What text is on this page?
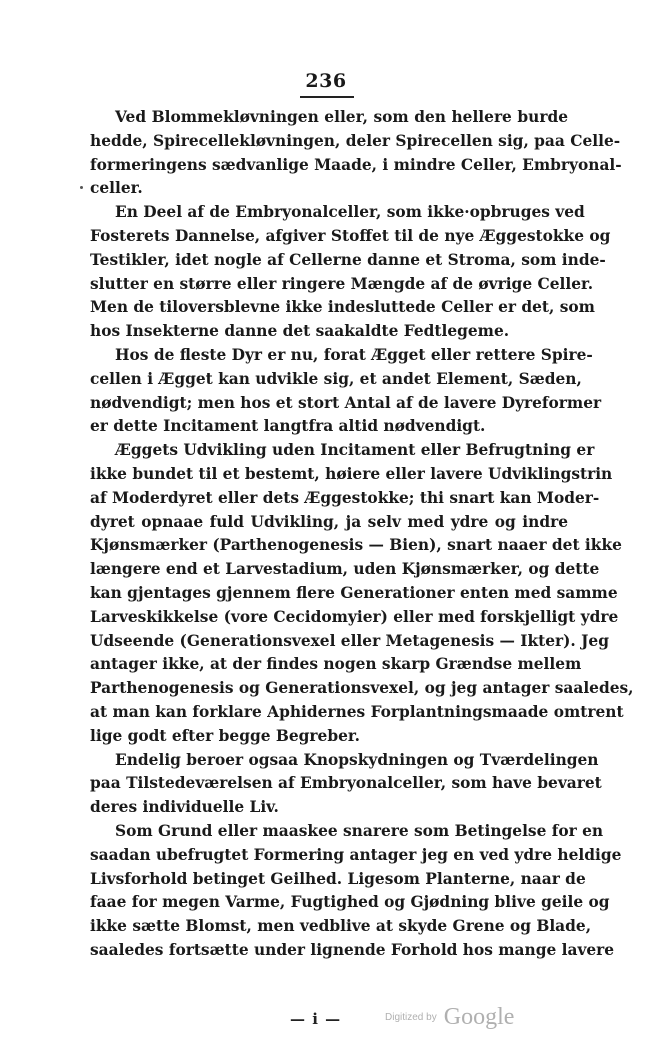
236
Ved Blommekløvningen eller, som den hellere burde
hedde, Spirecellekløvningen, deler Spirecellen sig, paa Celle-
formeringens sædvanlige Maade, i mindre Celler, Embryonal-
celler.
En Deel af de Embryonalceller, som ikke·opbruges ved
Fosterets Dannelse, afgiver Stoffet til de nye Æggestokke og
Testikler, idet nogle af Cellerne danne et Stroma, som inde-
slutter en større eller ringere Mængde af de øvrige Celler.
Men de tiloversblevne ikke indesluttede Celler er det, som
hos Insekterne danne det saakaldte Fedtlegeme.
Hos de fleste Dyr er nu, forat Ægget eller rettere Spire-
cellen i Ægget kan udvikle sig, et andet Element, Sæden,
nødvendigt; men hos et stort Antal af de lavere Dyreformer
er dette Incitament langtfra altid nødvendigt.
Æggets Udvikling uden Incitament eller Befrugtning er
ikke bundet til et bestemt, høiere eller lavere Udviklingstrin
af Moderdyret eller dets Æggestokke; thi snart kan Moder-
dyret opnaae fuld Udvikling, ja selv med ydre og indre
Kjønsmærker (Parthenogenesis — Bien), snart naaer det ikke
længere end et Larvestadium, uden Kjønsmærker, og dette
kan gjentages gjennem flere Generationer enten med samme
Larveskikkelse (vore Cecidomyier) eller med forskjelligt ydre
Udseende (Generationsvexel eller Metagenesis — Ikter). Jeg
antager ikke, at der findes nogen skarp Grændse mellem
Parthenogenesis og Generationsvexel, og jeg antager saaledes,
at man kan forklare Aphidernes Forplantningsmaade omtrent
lige godt efter begge Begreber.
Endelig beroer ogsaa Knopskydningen og Tværdelingen
paa Tilstedeværelsen af Embryonalceller, som have bevaret
deres individuelle Liv.
Som Grund eller maaskee snarere som Betingelse for en
saadan ubefrugtet Formering antager jeg en ved ydre heldige
Livsforhold betinget Geilhed. Ligesom Planterne, naar de
faae for megen Varme, Fugtighed og Gjødning blive geile og
ikke sætte Blomst, men vedblive at skyde Grene og Blade,
saaledes fortsætte under lignende Forhold hos mange lavere
— i —	Digitized by Google
